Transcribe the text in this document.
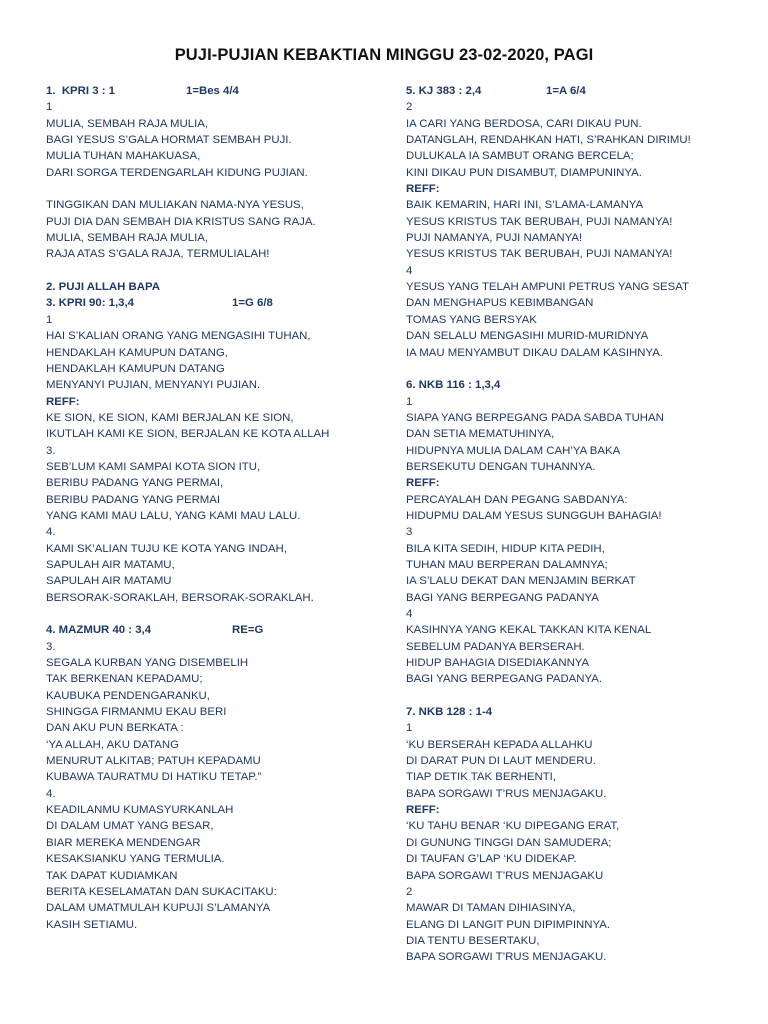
PUJI-PUJIAN KEBAKTIAN MINGGU 23-02-2020, PAGI
1.  KPRI 3 : 1	1=Bes 4/4
1
MULIA, SEMBAH RAJA MULIA,
BAGI YESUS S’GALA HORMAT SEMBAH PUJI.
MULIA TUHAN MAHAKUASA,
DARI SORGA TERDENGARLAH KIDUNG PUJIAN.
TINGGIKAN DAN MULIAKAN NAMA-NYA YESUS,
PUJI DIA DAN SEMBAH DIA KRISTUS SANG RAJA.
MULIA, SEMBAH RAJA MULIA,
RAJA ATAS S’GALA RAJA, TERMULIALAH!
2. PUJI ALLAH BAPA
3. KPRI 90: 1,3,4	1=G 6/8
1
HAI S’KALIAN ORANG YANG MENGASIHI TUHAN,
HENDAKLAH KAMUPUN DATANG,
HENDAKLAH KAMUPUN DATANG
MENYANYI PUJIAN, MENYANYI PUJIAN.
REFF:
KE SION, KE SION, KAMI BERJALAN KE SION,
IKUTLAH KAMI KE SION, BERJALAN KE KOTA ALLAH
3.
SEB’LUM KAMI SAMPAI KOTA SION ITU,
BERIBU PADANG YANG PERMAI,
BERIBU PADANG YANG PERMAI
YANG KAMI MAU LALU, YANG KAMI MAU LALU.
4.
KAMI SK’ALIAN TUJU KE KOTA YANG INDAH,
SAPULAH AIR MATAMU,
SAPULAH AIR MATAMU
BERSORAK-SORAKLAH, BERSORAK-SORAKLAH.
4. MAZMUR 40 : 3,4	RE=G
3.
SEGALA KURBAN YANG DISEMBELIH
TAK BERKENAN KEPADAMU;
KAUBUKA PENDENGARANKU,
SHINGGA FIRMANMU EKAU BERI
DAN AKU PUN BERKATA :
‘YA ALLAH, AKU DATANG
MENURUT ALKITAB; PATUH KEPADAMU
KUBAWA TAURATMU DI HATIKU TETAP.”
4.
KEADILANMU KUMASYURKANLAH
DI DALAM UMAT YANG BESAR,
BIAR MEREKA MENDENGAR
KESAKSIANKU YANG TERMULIA.
TAK DAPAT KUDIAMKAN
BERITA KESELAMATAN DAN SUKACITAKU:
DALAM UMATMULAH KUPUJI S’LAMANYA
KASIH SETIAMU.
5. KJ 383 : 2,4	1=A 6/4
2
IA CARI YANG BERDOSA, CARI DIKAU PUN.
DATANGLAH, RENDAHKAN HATI, S’RAHKAN DIRIMU!
DULUKALA IA SAMBUT ORANG BERCELA;
KINI DIKAU PUN DISAMBUT, DIAMPUNINYA.
REFF:
BAIK KEMARIN, HARI INI, S’LAMA-LAMANYA
YESUS KRISTUS TAK BERUBAH, PUJI NAMANYA!
PUJI NAMANYA, PUJI NAMANYA!
YESUS KRISTUS TAK BERUBAH, PUJI NAMANYA!
4
YESUS YANG TELAH AMPUNI PETRUS YANG SESAT
DAN MENGHAPUS KEBIMBANGAN
TOMAS YANG BERSYAK
DAN SELALU MENGASIHI MURID-MURIDNYA
IA MAU MENYAMBUT DIKAU DALAM KASIHNYA.
6. NKB 116 : 1,3,4
1
SIAPA YANG BERPEGANG PADA SABDA TUHAN
DAN SETIA MEMATUHINYA,
HIDUPNYA MULIA DALAM CAH’YA BAKA
BERSEKUTU DENGAN TUHANNYA.
REFF:
PERCAYALAH DAN PEGANG SABDANYA:
HIDUPMU DALAM YESUS SUNGGUH BAHAGIA!
3
BILA KITA SEDIH, HIDUP KITA PEDIH,
TUHAN MAU BERPERAN DALAMNYA;
IA S’LALU DEKAT DAN MENJAMIN BERKAT
BAGI YANG BERPEGANG PADANYA
4
KASIHNYA YANG KEKAL TAKKAN KITA KENAL
SEBELUM PADANYA BERSERAH.
HIDUP BAHAGIA DISEDIAKANNYA
BAGI YANG BERPEGANG PADANYA.
7. NKB 128 : 1-4
1
‘KU BERSERAH KEPADA ALLAHKU
DI DARAT PUN DI LAUT MENDERU.
TIAP DETIK TAK BERHENTI,
BAPA SORGAWI T’RUS MENJAGAKU.
REFF:
‘KU TAHU BENAR ‘KU DIPEGANG ERAT,
DI GUNUNG TINGGI DAN SAMUDERA;
DI TAUFAN G’LAP ‘KU DIDEKAP.
BAPA SORGAWI T’RUS MENJAGAKU
2
MAWAR DI TAMAN DIHIASINYA,
ELANG DI LANGIT PUN DIPIMPINNYA.
DIA TENTU BESERTAKU,
BAPA SORGAWI T’RUS MENJAGAKU.
